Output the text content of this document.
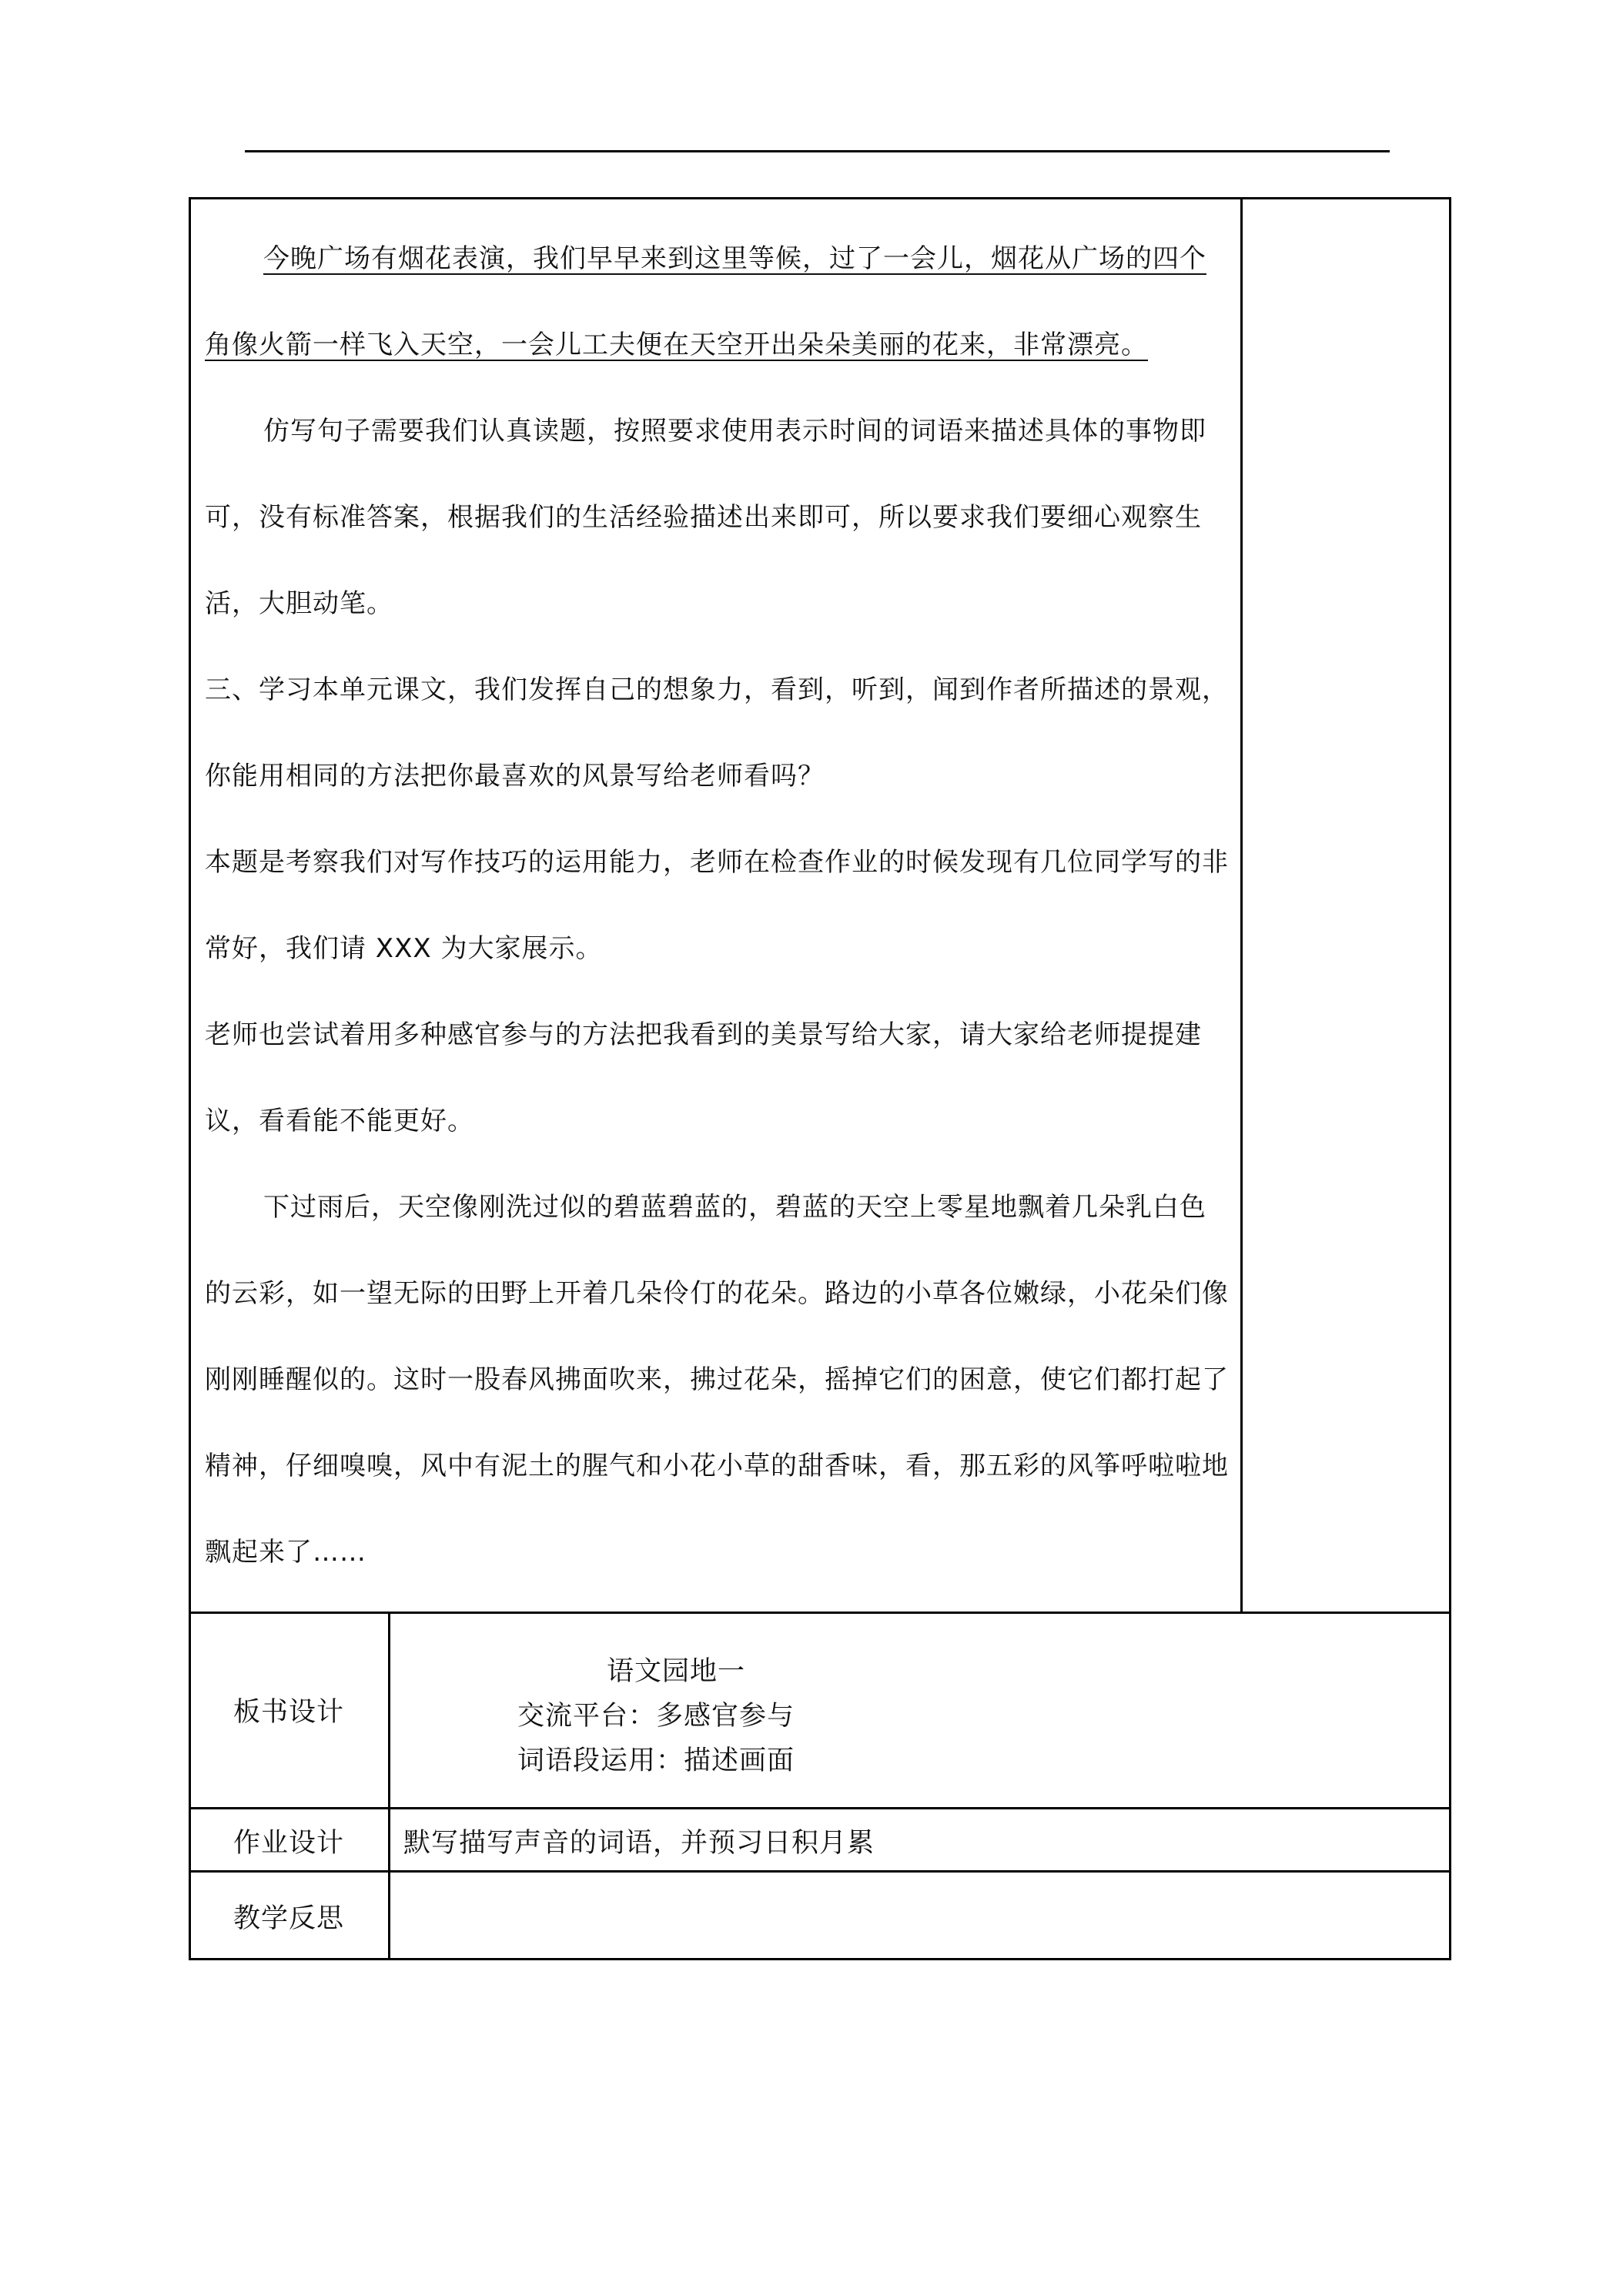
今晚广场有烟花表演，我们早早来到这里等候，过了一会儿，烟花从广场的四个角像火箭一样飞入天空，一会儿工夫便在天空开出朵朵美丽的花来，非常漂亮。

仿写句子需要我们认真读题，按照要求使用表示时间的词语来描述具体的事物即可，没有标准答案，根据我们的生活经验描述出来即可，所以要求我们要细心观察生活，大胆动笔。

三、学习本单元课文，我们发挥自己的想象力，看到，听到，闻到作者所描述的景观，你能用相同的方法把你最喜欢的风景写给老师看吗？

本题是考察我们对写作技巧的运用能力，老师在检查作业的时候发现有几位同学写的非常好，我们请 XXX 为大家展示。

老师也尝试着用多种感官参与的方法把我看到的美景写给大家，请大家给老师提提建议，看看能不能更好。

下过雨后，天空像刚洗过似的碧蓝碧蓝的，碧蓝的天空上零星地飘着几朵乳白色的云彩，如一望无际的田野上开着几朵伶仃的花朵。路边的小草各位嫩绿，小花朵们像刚刚睡醒似的。这时一股春风拂面吹来，拂过花朵，摇掉它们的困意，使它们都打起了精神，仔细嗅嗅，风中有泥土的腥气和小花小草的甜香味，看，那五彩的风筝呼啦啦地飘起来了……

板书设计
语文园地一
交流平台：多感官参与
词语段运用：描述画面
作业设计	默写描写声音的词语，并预习日积月累
教学反思
